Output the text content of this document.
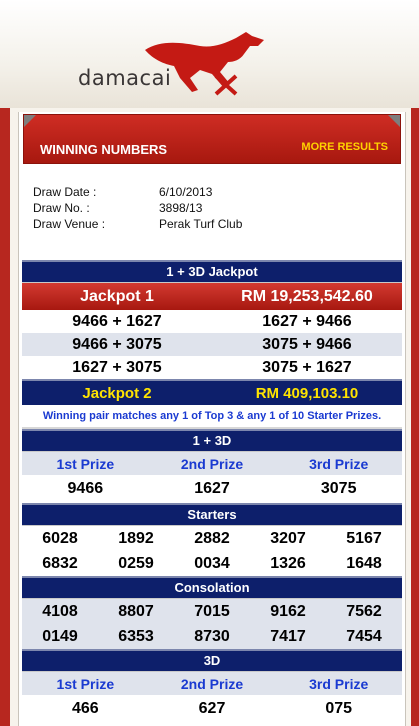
damacai
WINNING NUMBERS	MORE RESULTS
Draw Date :	6/10/2013
Draw No. :	3898/13
Draw Venue :	Perak Turf Club
1 + 3D Jackpot
Jackpot 1	RM 19,253,542.60
9466 + 1627	1627 + 9466
9466 + 3075	3075 + 9466
1627 + 3075	3075 + 1627
Jackpot 2	RM 409,103.10
Winning pair matches any 1 of Top 3 & any 1 of 10 Starter Prizes.
1 + 3D
1st Prize	2nd Prize	3rd Prize
9466	1627	3075
Starters
6028	1892	2882	3207	5167
6832	0259	0034	1326	1648
Consolation
4108	8807	7015	9162	7562
0149	6353	8730	7417	7454
3D
1st Prize	2nd Prize	3rd Prize
466	627	075
